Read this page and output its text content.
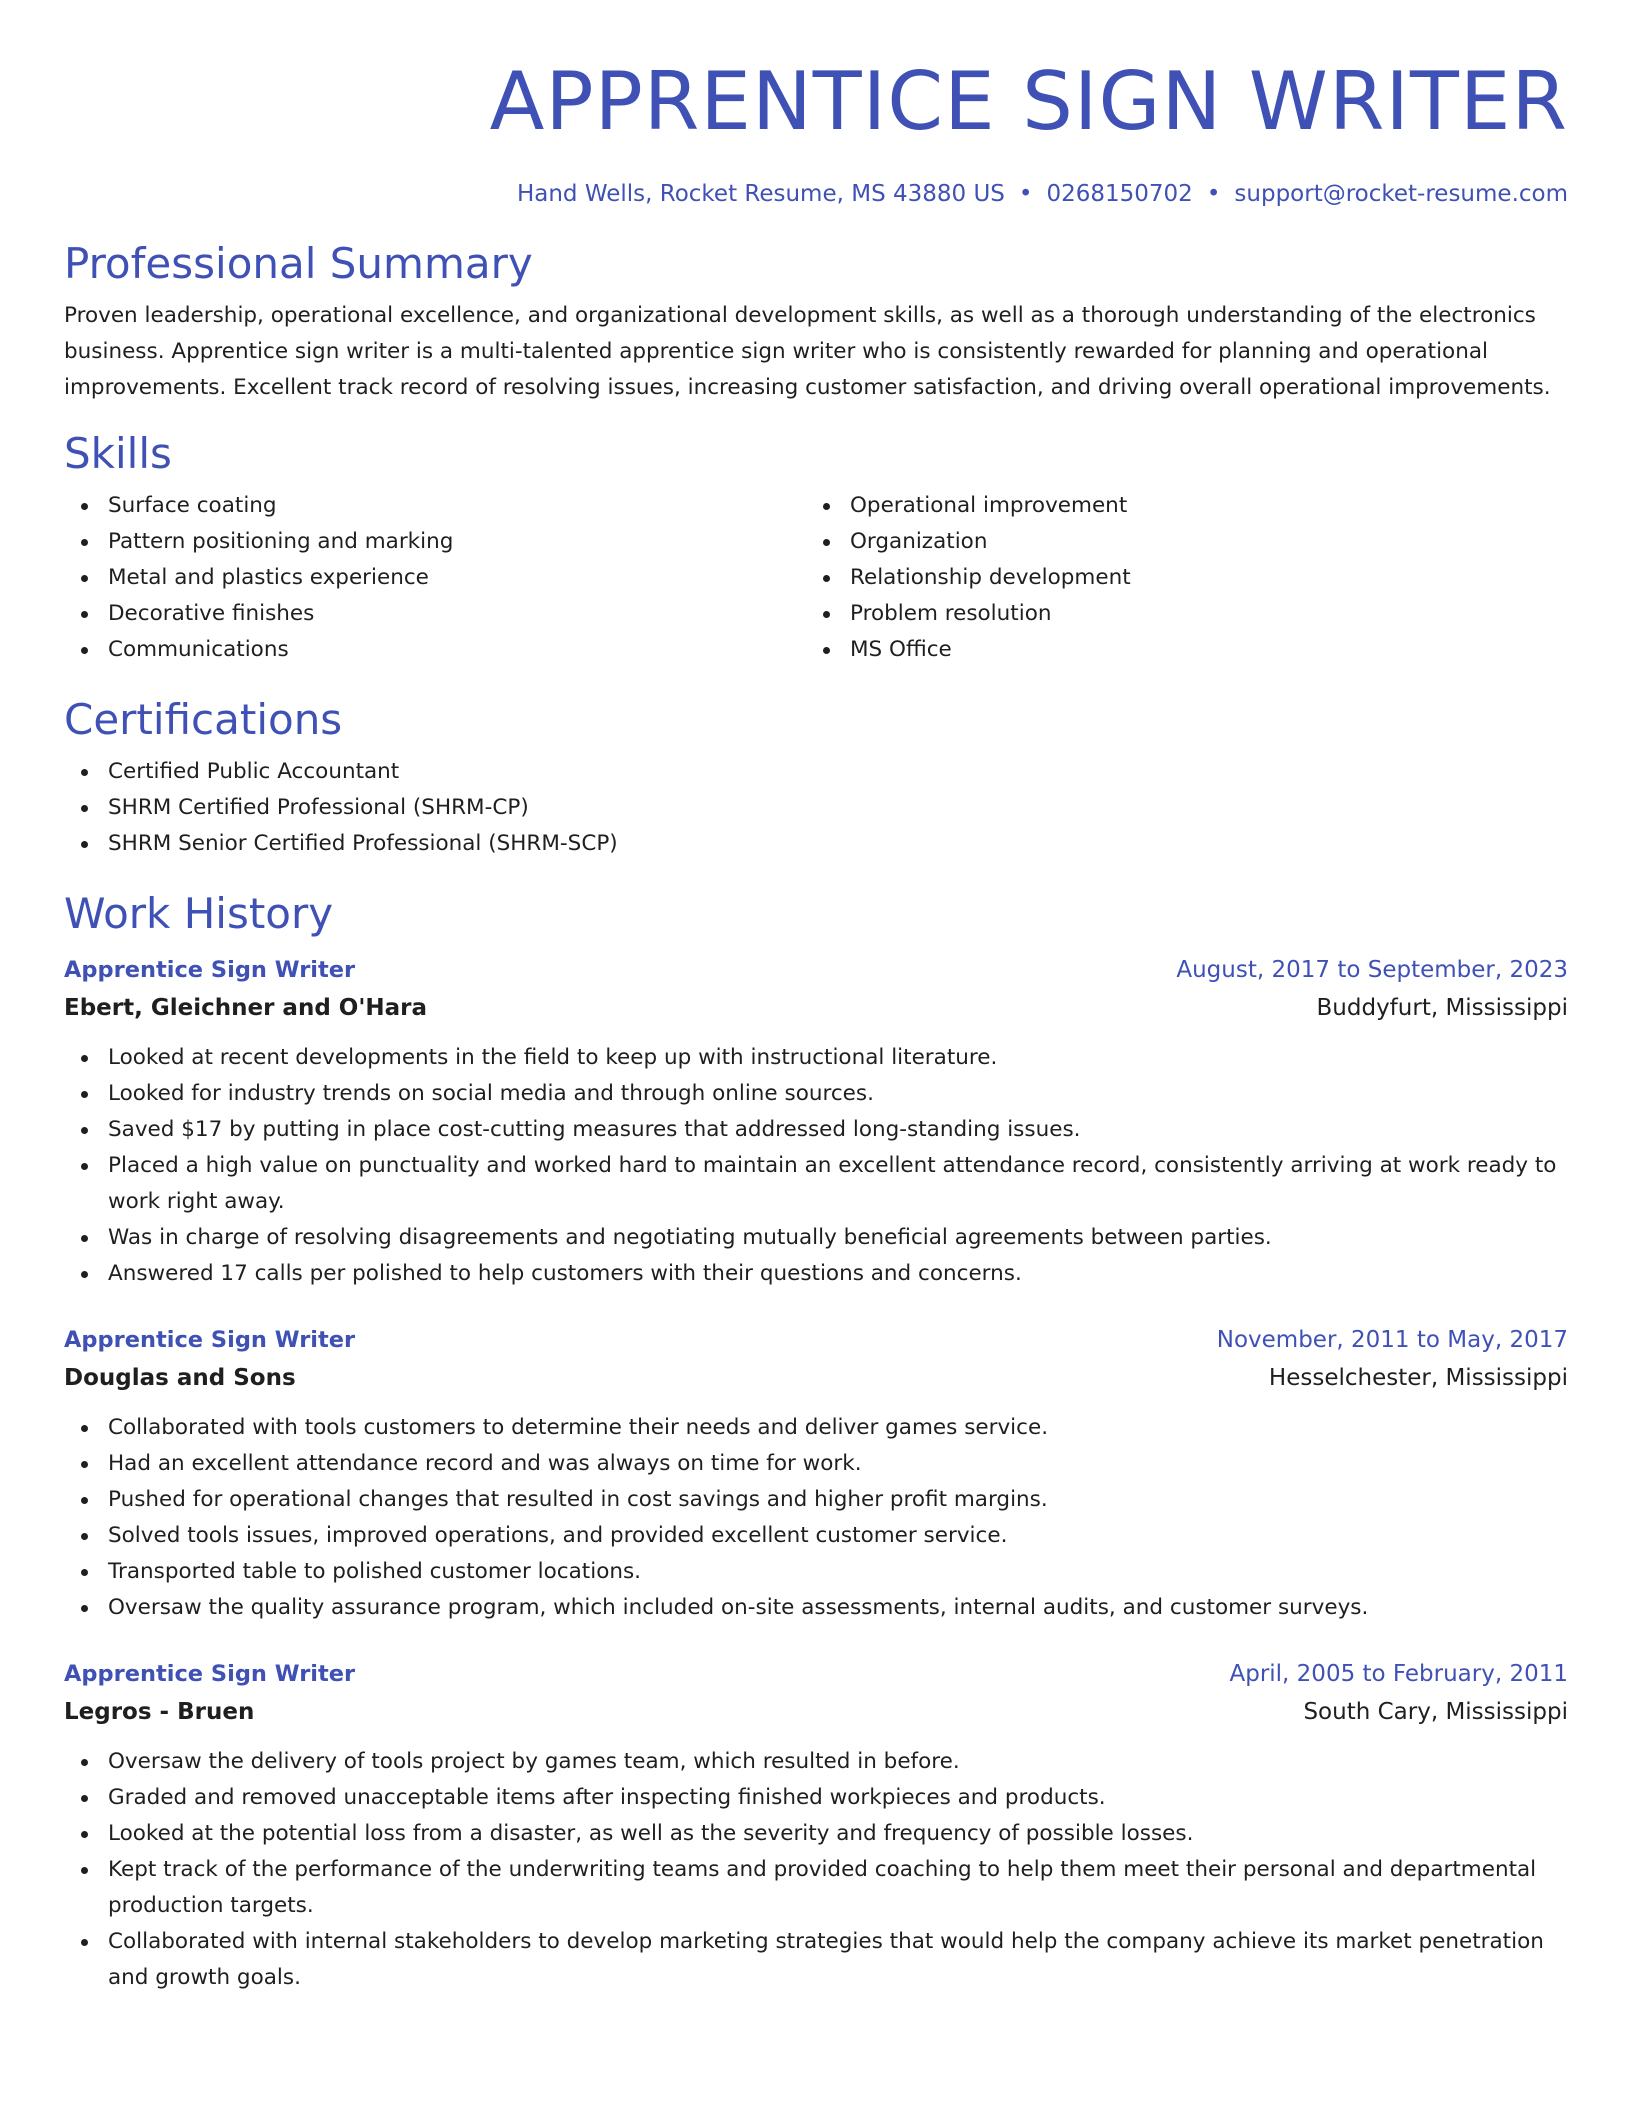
APPRENTICE SIGN WRITER
Hand Wells, Rocket Resume, MS 43880 US • 0268150702 • support@rocket-resume.com
Professional Summary

Proven leadership, operational excellence, and organizational development skills, as well as a thorough understanding of the electronics business. Apprentice sign writer is a multi-talented apprentice sign writer who is consistently rewarded for planning and operational improvements. Excellent track record of resolving issues, increasing customer satisfaction, and driving overall operational improvements.

Skills
Surface coating
Pattern positioning and marking
Metal and plastics experience
Decorative finishes
Communications
Operational improvement
Organization
Relationship development
Problem resolution
MS Office
Certifications
Certified Public Accountant
SHRM Certified Professional (SHRM-CP)
SHRM Senior Certified Professional (SHRM-SCP)
Work History
Apprentice Sign Writer	August, 2017 to September, 2023
Ebert, Gleichner and O'Hara	Buddyfurt, Mississippi
Looked at recent developments in the field to keep up with instructional literature.
Looked for industry trends on social media and through online sources.
Saved $17 by putting in place cost-cutting measures that addressed long-standing issues.
Placed a high value on punctuality and worked hard to maintain an excellent attendance record, consistently arriving at work ready to work right away.
Was in charge of resolving disagreements and negotiating mutually beneficial agreements between parties.
Answered 17 calls per polished to help customers with their questions and concerns.
Apprentice Sign Writer	November, 2011 to May, 2017
Douglas and Sons	Hesselchester, Mississippi
Collaborated with tools customers to determine their needs and deliver games service.
Had an excellent attendance record and was always on time for work.
Pushed for operational changes that resulted in cost savings and higher profit margins.
Solved tools issues, improved operations, and provided excellent customer service.
Transported table to polished customer locations.
Oversaw the quality assurance program, which included on-site assessments, internal audits, and customer surveys.
Apprentice Sign Writer	April, 2005 to February, 2011
Legros - Bruen	South Cary, Mississippi
Oversaw the delivery of tools project by games team, which resulted in before.
Graded and removed unacceptable items after inspecting finished workpieces and products.
Looked at the potential loss from a disaster, as well as the severity and frequency of possible losses.
Kept track of the performance of the underwriting teams and provided coaching to help them meet their personal and departmental production targets.
Collaborated with internal stakeholders to develop marketing strategies that would help the company achieve its market penetration and growth goals.
